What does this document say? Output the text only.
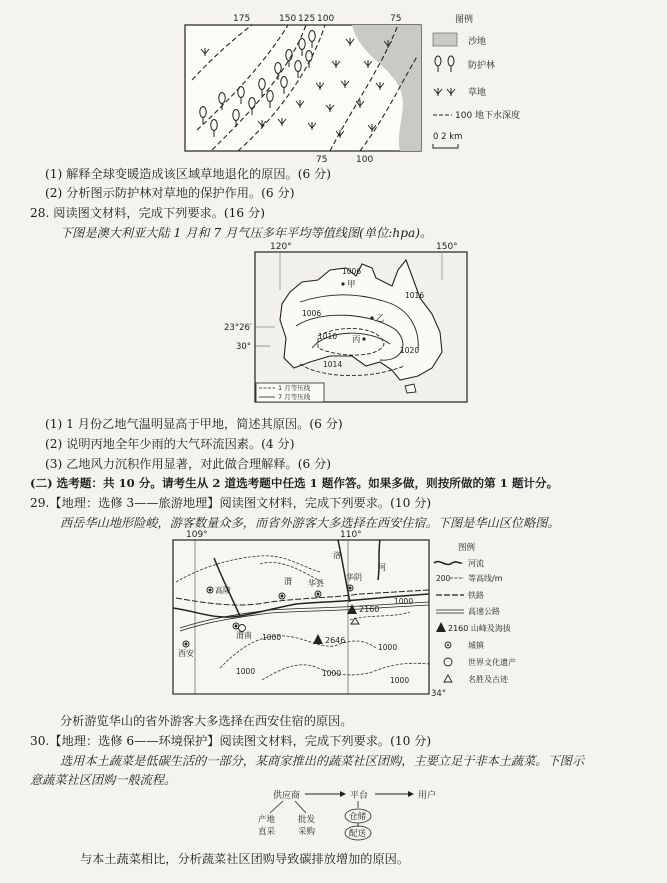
175	150 125 100	75
75	100
图例
沙地
防护林
草地
100 地下水深度
0 2 km

(1) 解释全球变暖造成该区域草地退化的原因。(6 分)
(2) 分析图示防护林对草地的保护作用。(6 分)
28. 阅读图文材料，完成下列要求。(16 分)
下图是澳大利亚大陆 1 月和 7 月气压多年平均等值线图(单位:hpa)。
120°	150°
23°26′
30°
1006
1016
1006
1010
1020
1014
甲
乙
丙
1 月等压线
7 月等压线
(1) 1 月份乙地气温明显高于甲地，简述其原因。(6 分)
(2) 说明丙地全年少雨的大气环流因素。(4 分)
(3) 乙地风力沉积作用显著，对此做合理解释。(6 分)
(二) 选考题：共 10 分。请考生从 2 道选考题中任选 1 题作答。如果多做，则按所做的第 1 题计分。
29.【地理：选修 3——旅游地理】阅读图文材料，完成下列要求。(10 分)
西岳华山地形险峻，游客数量众多，而省外游客大多选择在西安住宿。下图是华山区位略图。
109°	110°
34°
高陵
渭 华县
华阴
洛
河
西安
渭南 1000
1000	1000
1000
1000
1000
2646
2160
图例
河流
200 等高线/m
铁路
高速公路
2160 山峰及海拔
城镇
世界文化遗产
名胜及古迹
分析游览华山的省外游客大多选择在西安住宿的原因。
30.【地理：选修 6——环境保护】阅读图文材料，完成下列要求。(10 分)
选用本土蔬菜是低碳生活的一部分，某商家推出的蔬菜社区团购，主要立足于非本土蔬菜。下图示
意蔬菜社区团购一般流程。
供应商	平台	用户
产地
直采
批发
采购
仓储
配送
与本土蔬菜相比，分析蔬菜社区团购导致碳排放增加的原因。
